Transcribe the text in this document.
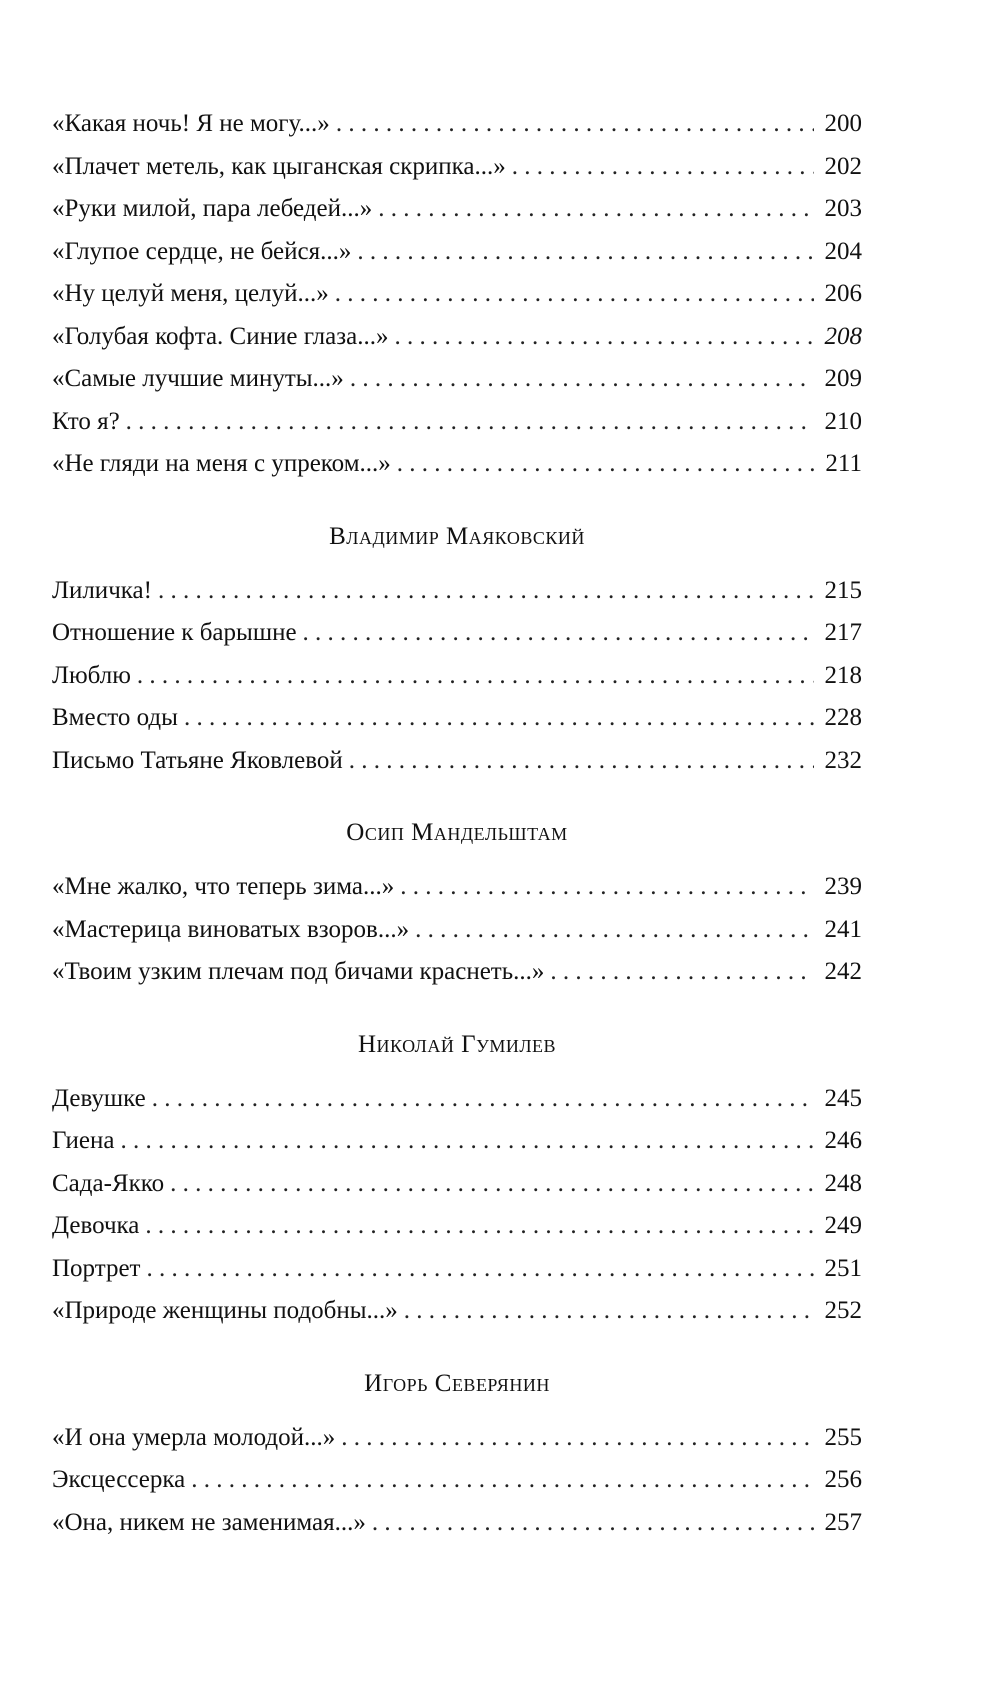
«Какая ночь! Я не могу...» . . .	200
«Плачет метель, как цыганская скрипка...» . . .	202
«Руки милой, пара лебедей...» . . .	203
«Глупое сердце, не бейся...» . . .	204
«Ну целуй меня, целуй...» . . .	206
«Голубая кофта. Синие глаза...» . . .	208
«Самые лучшие минуты...» . . .	209
Кто я? . . .	210
«Не гляди на меня с упреком...» . . .	211
Владимир Маяковский
Лиличка! . . .	215
Отношение к барышне . . .	217
Люблю . . .	218
Вместо оды . . .	228
Письмо Татьяне Яковлевой . . .	232
Осип Мандельштам
«Мне жалко, что теперь зима...» . . .	239
«Мастерица виноватых взоров...» . . .	241
«Твоим узким плечам под бичами краснеть...» . . .	242
Николай Гумилев
Девушке . . .	245
Гиена . . .	246
Сада-Якко . . .	248
Девочка . . .	249
Портрет . . .	251
«Природе женщины подобны...» . . .	252
Игорь Северянин
«И она умерла молодой...» . . .	255
Эксцессерка . . .	256
«Она, никем не заменимая...» . . .	257
